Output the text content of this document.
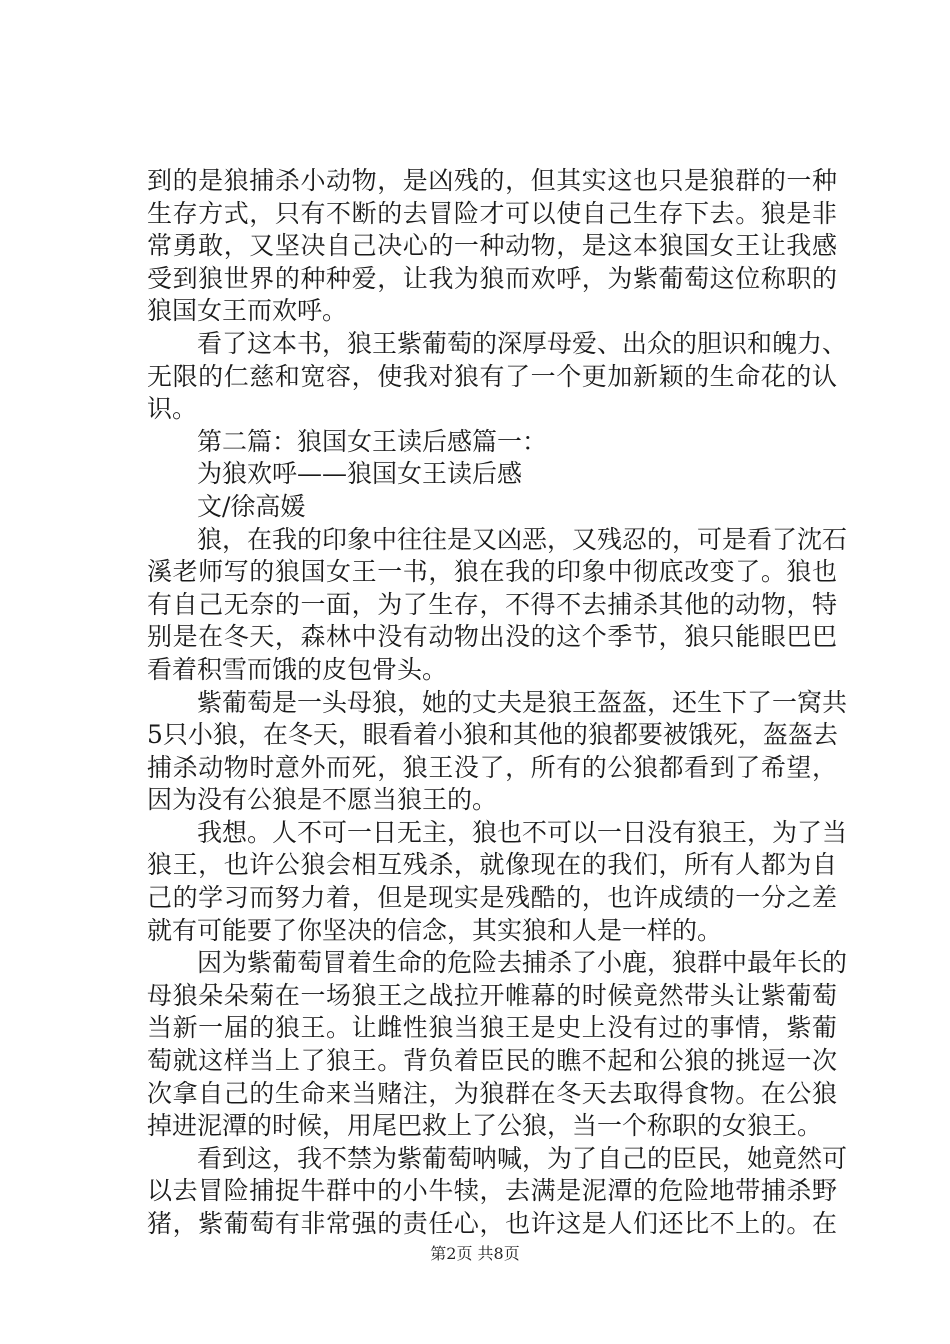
到的是狼捕杀小动物，是凶残的，但其实这也只是狼群的一种
生存方式，只有不断的去冒险才可以使自己生存下去。狼是非
常勇敢，又坚决自己决心的一种动物，是这本狼国女王让我感
受到狼世界的种种爱，让我为狼而欢呼，为紫葡萄这位称职的
狼国女王而欢呼。
　　看了这本书，狼王紫葡萄的深厚母爱、出众的胆识和魄力、
无限的仁慈和宽容，使我对狼有了一个更加新颖的生命花的认
识。
　　第二篇：狼国女王读后感篇一：
　　为狼欢呼——狼国女王读后感
　　文/徐高媛
　　狼，在我的印象中往往是又凶恶，又残忍的，可是看了沈石
溪老师写的狼国女王一书，狼在我的印象中彻底改变了。狼也
有自己无奈的一面，为了生存，不得不去捕杀其他的动物，特
别是在冬天，森林中没有动物出没的这个季节，狼只能眼巴巴
看着积雪而饿的皮包骨头。
　　紫葡萄是一头母狼，她的丈夫是狼王盔盔，还生下了一窝共
5只小狼，在冬天，眼看着小狼和其他的狼都要被饿死，盔盔去
捕杀动物时意外而死，狼王没了，所有的公狼都看到了希望，
因为没有公狼是不愿当狼王的。
　　我想。人不可一日无主，狼也不可以一日没有狼王，为了当
狼王，也许公狼会相互残杀，就像现在的我们，所有人都为自
己的学习而努力着，但是现实是残酷的，也许成绩的一分之差
就有可能要了你坚决的信念，其实狼和人是一样的。
　　因为紫葡萄冒着生命的危险去捕杀了小鹿，狼群中最年长的
母狼朵朵菊在一场狼王之战拉开帷幕的时候竟然带头让紫葡萄
当新一届的狼王。让雌性狼当狼王是史上没有过的事情，紫葡
萄就这样当上了狼王。背负着臣民的瞧不起和公狼的挑逗一次
次拿自己的生命来当赌注，为狼群在冬天去取得食物。在公狼
掉进泥潭的时候，用尾巴救上了公狼，当一个称职的女狼王。
　　看到这，我不禁为紫葡萄呐喊，为了自己的臣民，她竟然可
以去冒险捕捉牛群中的小牛犊，去满是泥潭的危险地带捕杀野
猪，紫葡萄有非常强的责任心，也许这是人们还比不上的。在
第2页 共8页
